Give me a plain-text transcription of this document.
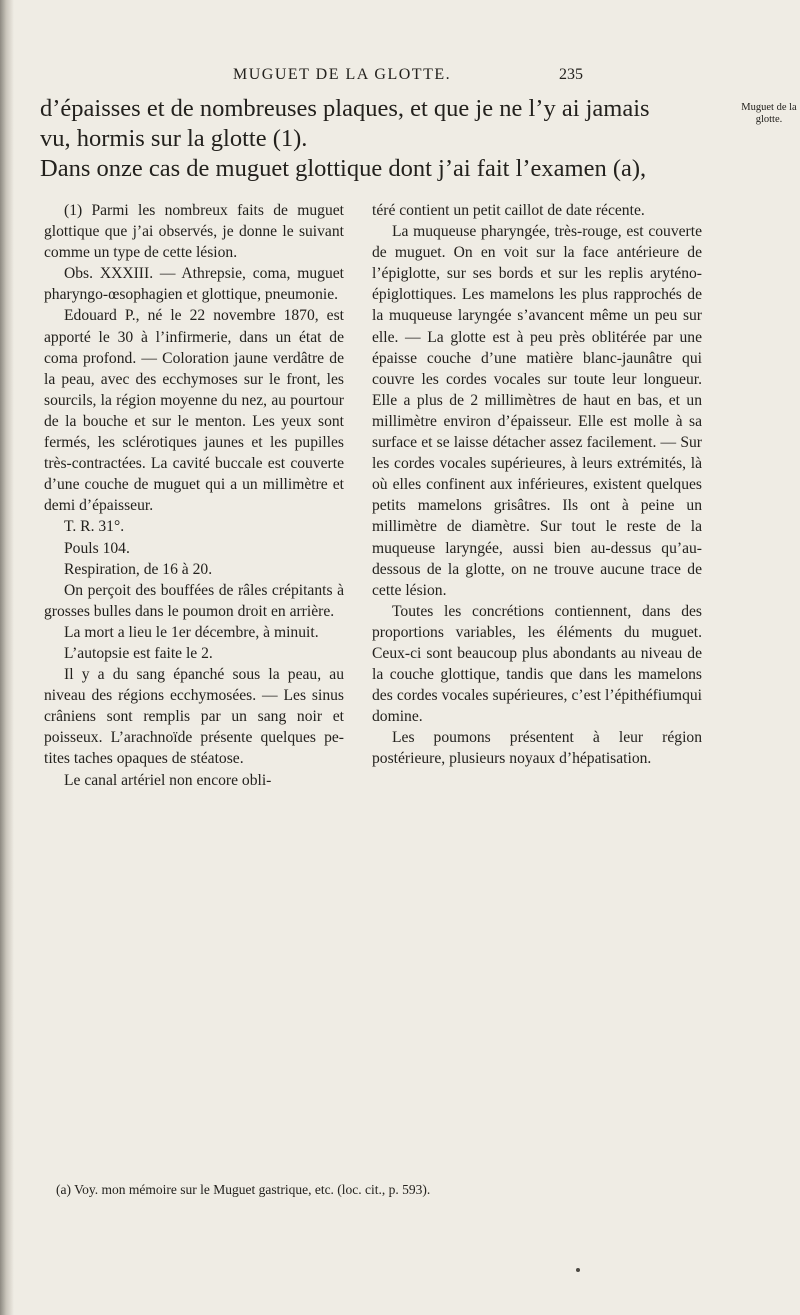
MUGUET DE LA GLOTTE.	235
Muguet de la glotte.

d’épaisses et de nombreuses plaques, et que je ne l’y ai jamais

vu, hormis sur la glotte (1).

Dans onze cas de muguet glottique dont j’ai fait l’examen (a),

(1) Parmi les nombreux faits de muguet glottique que j’ai observés, je donne le suivant comme un type de cette lésion.

Obs. XXXIII. — Athrepsie, coma, muguet pharyngo-œsophagien et glottique, pneumonie.

Edouard P., né le 22 novembre 1870, est apporté le 30 à l’infirmerie, dans un état de coma profond. — Coloration jaune verdâtre de la peau, avec des ecchymoses sur le front, les sourcils, la région moyenne du nez, au pourtour de la bouche et sur le menton. Les yeux sont fermés, les sclérotiques jaunes et les pupilles très-contractées. La cavité buccale est couverte d’une couche de muguet qui a un millimètre et demi d’épaisseur.

T. R. 31°.

Pouls 104.

Respiration, de 16 à 20.

On perçoit des bouffées de râles crépitants à grosses bulles dans le poumon droit en arrière.

La mort a lieu le 1er décembre, à minuit.

L’autopsie est faite le 2.

Il y a du sang épanché sous la peau, au niveau des régions ecchymosées. — Les sinus crâniens sont remplis par un sang noir et poisseux. L’arachnoïde présente quelques petites taches opaques de stéatose.

Le canal artériel non encore obli-

téré contient un petit caillot de date récente.

La muqueuse pharyngée, très-rouge, est couverte de muguet. On en voit sur la face antérieure de l’épiglotte, sur ses bords et sur les replis aryténo-épiglottiques. Les mamelons les plus rapprochés de la muqueuse laryngée s’avancent même un peu sur elle. — La glotte est à peu près oblitérée par une épaisse couche d’une matière blanc-jaunâtre qui couvre les cordes vocales sur toute leur longueur. Elle a plus de 2 millimètres de haut en bas, et un millimètre environ d’épaisseur. Elle est molle à sa surface et se laisse détacher assez facilement. — Sur les cordes vocales supérieures, à leurs extrémités, là où elles confinent aux inférieures, existent quelques petits mamelons grisâtres. Ils ont à peine un millimètre de diamètre. Sur tout le reste de la muqueuse laryngée, aussi bien au-dessus qu’au-dessous de la glotte, on ne trouve aucune trace de cette lésion.

Toutes les concrétions contiennent, dans des proportions variables, les éléments du muguet. Ceux-ci sont beaucoup plus abondants au niveau de la couche glottique, tandis que dans les mamelons des cordes vocales supérieures, c’est l’épithéfiumqui domine.

Les poumons présentent à leur région postérieure, plusieurs noyaux d’hépatisation.

(a) Voy. mon mémoire sur le Muguet gastrique, etc. (loc. cit., p. 593).
